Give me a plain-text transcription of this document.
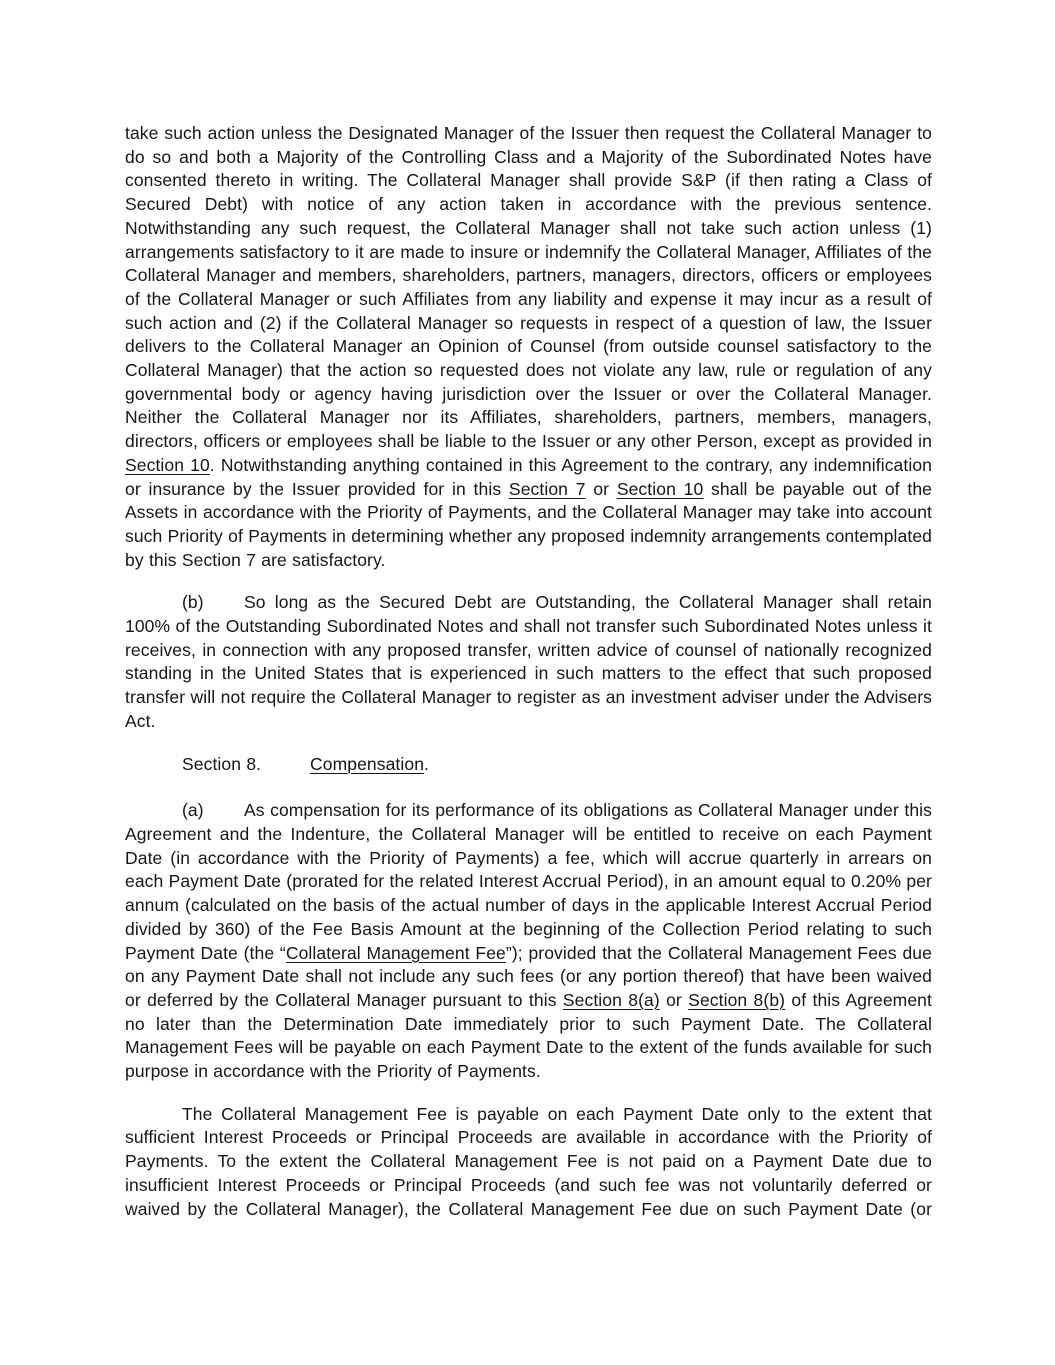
take such action unless the Designated Manager of the Issuer then request the Collateral Manager to do so and both a Majority of the Controlling Class and a Majority of the Subordinated Notes have consented thereto in writing. The Collateral Manager shall provide S&P (if then rating a Class of Secured Debt) with notice of any action taken in accordance with the previous sentence. Notwithstanding any such request, the Collateral Manager shall not take such action unless (1) arrangements satisfactory to it are made to insure or indemnify the Collateral Manager, Affiliates of the Collateral Manager and members, shareholders, partners, managers, directors, officers or employees of the Collateral Manager or such Affiliates from any liability and expense it may incur as a result of such action and (2) if the Collateral Manager so requests in respect of a question of law, the Issuer delivers to the Collateral Manager an Opinion of Counsel (from outside counsel satisfactory to the Collateral Manager) that the action so requested does not violate any law, rule or regulation of any governmental body or agency having jurisdiction over the Issuer or over the Collateral Manager. Neither the Collateral Manager nor its Affiliates, shareholders, partners, members, managers, directors, officers or employees shall be liable to the Issuer or any other Person, except as provided in Section 10. Notwithstanding anything contained in this Agreement to the contrary, any indemnification or insurance by the Issuer provided for in this Section 7 or Section 10 shall be payable out of the Assets in accordance with the Priority of Payments, and the Collateral Manager may take into account such Priority of Payments in determining whether any proposed indemnity arrangements contemplated by this Section 7 are satisfactory.

(b) So long as the Secured Debt are Outstanding, the Collateral Manager shall retain 100% of the Outstanding Subordinated Notes and shall not transfer such Subordinated Notes unless it receives, in connection with any proposed transfer, written advice of counsel of nationally recognized standing in the United States that is experienced in such matters to the effect that such proposed transfer will not require the Collateral Manager to register as an investment adviser under the Advisers Act.

Section 8.	Compensation.

(a) As compensation for its performance of its obligations as Collateral Manager under this Agreement and the Indenture, the Collateral Manager will be entitled to receive on each Payment Date (in accordance with the Priority of Payments) a fee, which will accrue quarterly in arrears on each Payment Date (prorated for the related Interest Accrual Period), in an amount equal to 0.20% per annum (calculated on the basis of the actual number of days in the applicable Interest Accrual Period divided by 360) of the Fee Basis Amount at the beginning of the Collection Period relating to such Payment Date (the “Collateral Management Fee”); provided that the Collateral Management Fees due on any Payment Date shall not include any such fees (or any portion thereof) that have been waived or deferred by the Collateral Manager pursuant to this Section 8(a) or Section 8(b) of this Agreement no later than the Determination Date immediately prior to such Payment Date. The Collateral Management Fees will be payable on each Payment Date to the extent of the funds available for such purpose in accordance with the Priority of Payments.

The Collateral Management Fee is payable on each Payment Date only to the extent that sufficient Interest Proceeds or Principal Proceeds are available in accordance with the Priority of Payments. To the extent the Collateral Management Fee is not paid on a Payment Date due to insufficient Interest Proceeds or Principal Proceeds (and such fee was not voluntarily deferred or waived by the Collateral Manager), the Collateral Management Fee due on such Payment Date (or
